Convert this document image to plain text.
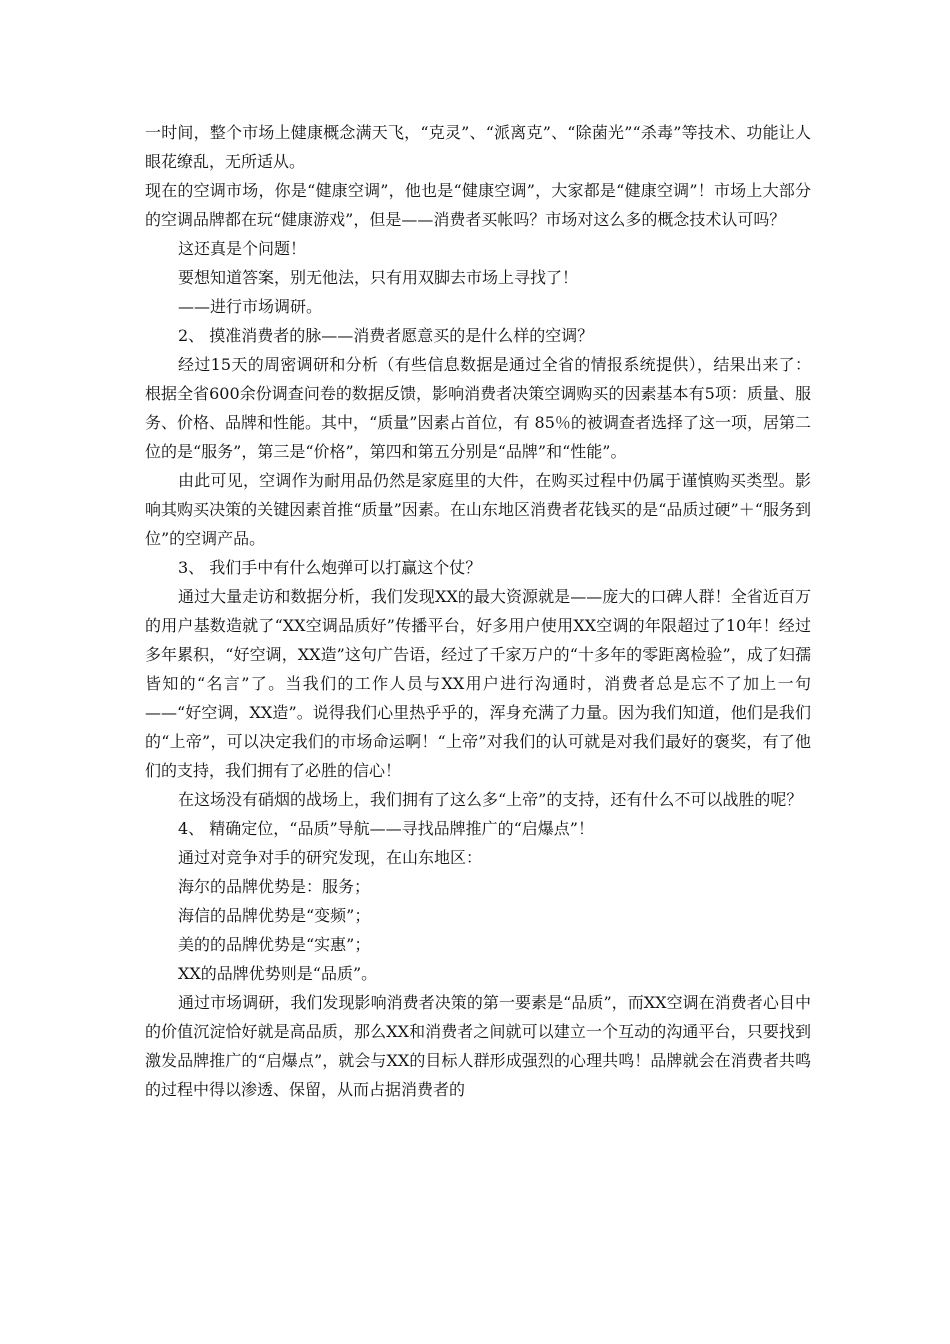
一时间，整个市场上健康概念满天飞，“克灵”、“派离克”、“除菌光”“杀毒”等技术、功能让人眼花缭乱，无所适从。

现在的空调市场，你是“健康空调”，他也是“健康空调”，大家都是“健康空调”！市场上大部分的空调品牌都在玩“健康游戏”，但是——消费者买帐吗？市场对这么多的概念技术认可吗？

这还真是个问题！

要想知道答案，别无他法，只有用双脚去市场上寻找了！

——进行市场调研。

2、 摸准消费者的脉——消费者愿意买的是什么样的空调？

经过15天的周密调研和分析（有些信息数据是通过全省的情报系统提供），结果出来了：根据全省600余份调查问卷的数据反馈，影响消费者决策空调购买的因素基本有5项：质量、服务、价格、品牌和性能。其中，“质量”因素占首位，有 85％的被调查者选择了这一项，居第二位的是“服务”，第三是“价格”，第四和第五分别是“品牌”和“性能”。

由此可见，空调作为耐用品仍然是家庭里的大件，在购买过程中仍属于谨慎购买类型。影响其购买决策的关键因素首推“质量”因素。在山东地区消费者花钱买的是“品质过硬”＋“服务到位”的空调产品。

3、 我们手中有什么炮弹可以打赢这个仗？

通过大量走访和数据分析，我们发现XX的最大资源就是——庞大的口碑人群！全省近百万的用户基数造就了“XX空调品质好”传播平台，好多用户使用XX空调的年限超过了10年！经过多年累积，“好空调，XX造”这句广告语，经过了千家万户的“十多年的零距离检验”，成了妇孺皆知的“名言”了。当我们的工作人员与XX用户进行沟通时，消费者总是忘不了加上一句——“好空调，XX造”。说得我们心里热乎乎的，浑身充满了力量。因为我们知道，他们是我们的“上帝”，可以决定我们的市场命运啊！“上帝”对我们的认可就是对我们最好的褒奖，有了他们的支持，我们拥有了必胜的信心！

在这场没有硝烟的战场上，我们拥有了这么多“上帝”的支持，还有什么不可以战胜的呢？

4、 精确定位，“品质”导航——寻找品牌推广的“启爆点”！

通过对竞争对手的研究发现，在山东地区：

海尔的品牌优势是：服务；

海信的品牌优势是“变频”；

美的的品牌优势是“实惠”；

XX的品牌优势则是“品质”。

通过市场调研，我们发现影响消费者决策的第一要素是“品质”，而XX空调在消费者心目中的价值沉淀恰好就是高品质，那么XX和消费者之间就可以建立一个互动的沟通平台，只要找到激发品牌推广的“启爆点”，就会与XX的目标人群形成强烈的心理共鸣！品牌就会在消费者共鸣的过程中得以渗透、保留，从而占据消费者的
